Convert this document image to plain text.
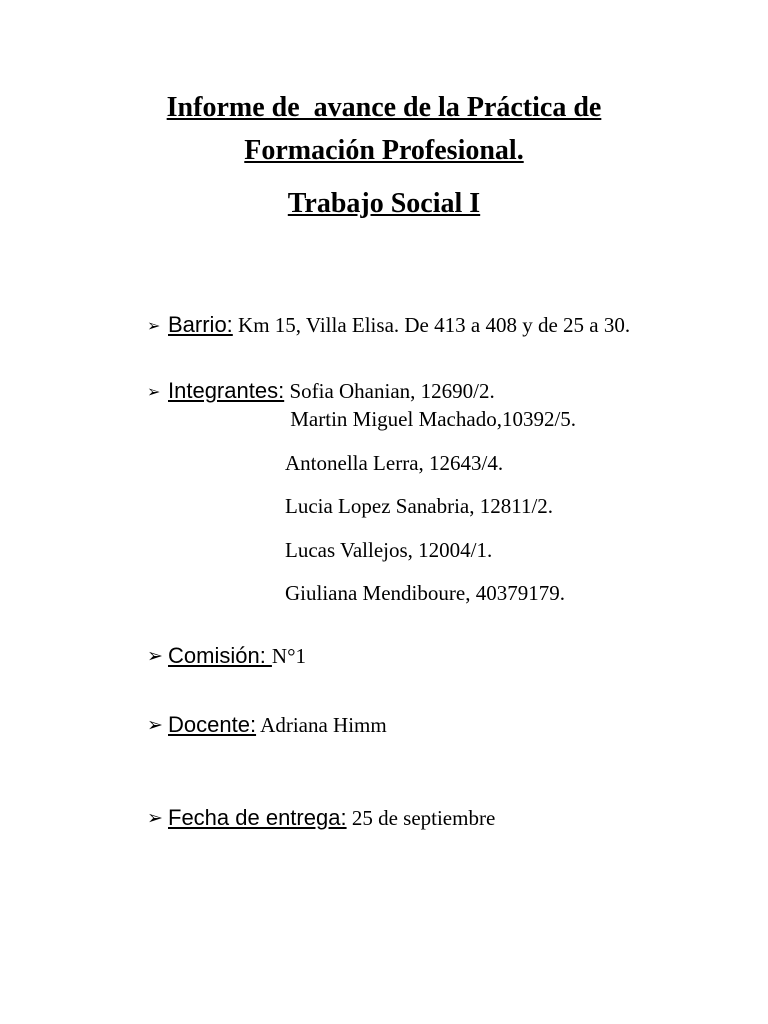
Informe de  avance de la Práctica de
Formación Profesional.
Trabajo Social I

➢ Barrio: Km 15, Villa Elisa. De 413 a 408 y de 25 a 30.

➢ Integrantes: Sofia Ohanian, 12690/2.

Martin Miguel Machado,10392/5.
Antonella Lerra, 12643/4.
Lucia Lopez Sanabria, 12811/2.
Lucas Vallejos, 12004/1.
Giuliana Mendiboure, 40379179.

➢ Comisión: N°1

➢ Docente: Adriana Himm

➢ Fecha de entrega: 25 de septiembre
